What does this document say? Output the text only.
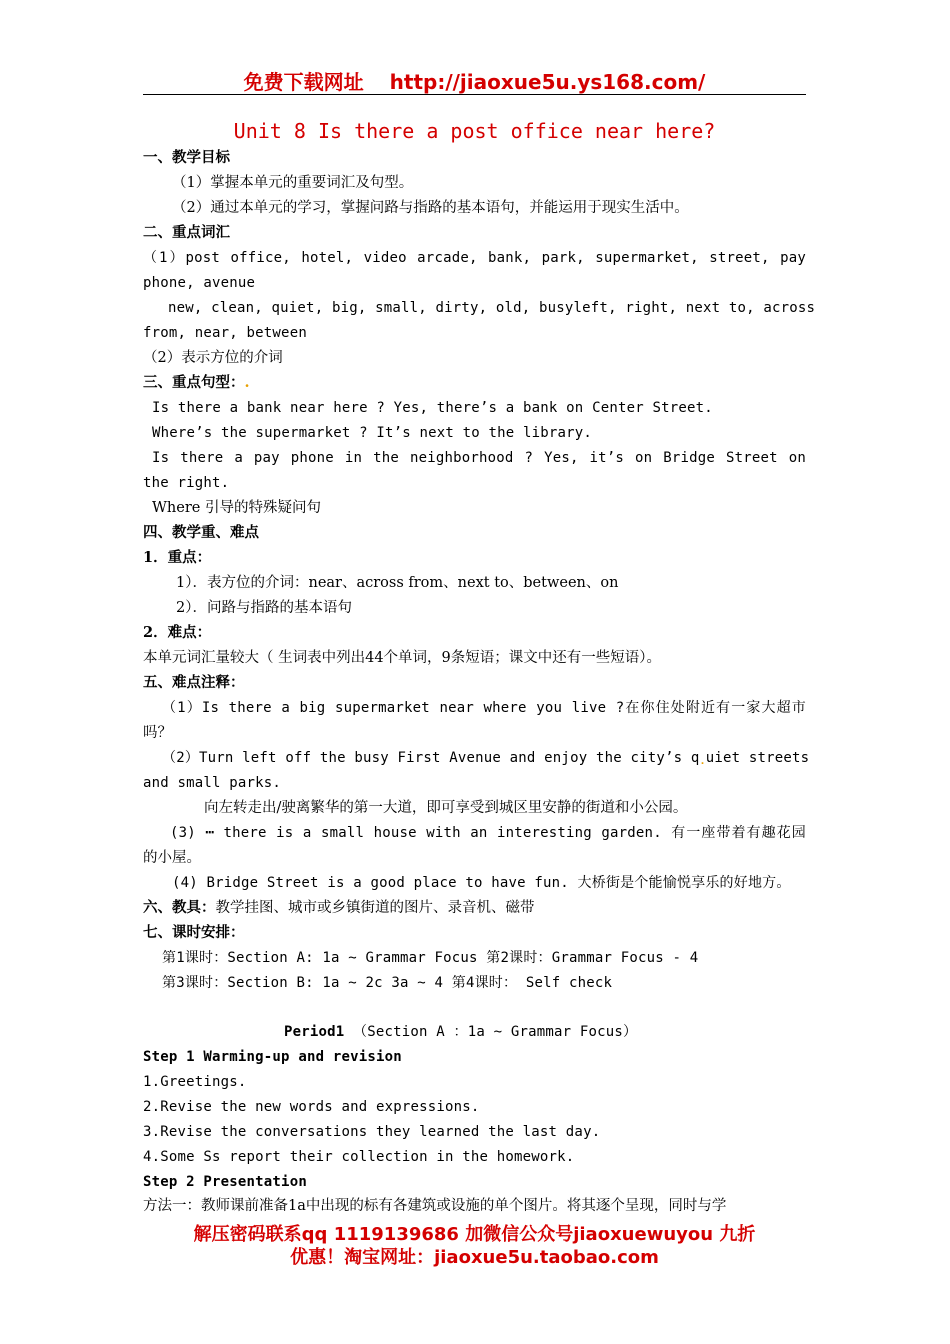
免费下载网址 http://jiaoxue5u.ys168.com/
Unit 8 Is there a post office near here?
一、教学目标
（1）掌握本单元的重要词汇及句型。
（2）通过本单元的学习，掌握问路与指路的基本语句，并能运用于现实生活中。
二、重点词汇
（1）post office, hotel, video arcade, bank, park, supermarket, street, pay
phone, avenue
new, clean, quiet, big, small, dirty, old, busyleft, right, next to, across
from, near, between
（2）表示方位的介词
三、重点句型：.
Is there a bank near here ? Yes, there’s a bank on Center Street.
Where’s the supermarket ? It’s next to the library.
Is there a pay phone in the neighborhood ? Yes, it’s on Bridge Street on
the right.
Where 引导的特殊疑问句
四、教学重、难点
1．重点：
1）．表方位的介词：near、across from、next to、between、on
2）．问路与指路的基本语句
2．难点：
本单元词汇量较大（ 生词表中列出44个单词，9条短语；课文中还有一些短语）。
五、难点注释：
（1）Is there a big supermarket near where you live ?在你住处附近有一家大超市
吗？
（2）Turn left off the busy First Avenue and enjoy the city’s q.uiet streets
and small parks.
向左转走出/驶离繁华的第一大道，即可享受到城区里安静的街道和小公园。
(3) ┅ there is a small house with an interesting garden. 有一座带着有趣花园
的小屋。
(4) Bridge Street is a good place to have fun. 大桥街是个能愉悦享乐的好地方。
六、教具：教学挂图、城市或乡镇街道的图片、录音机、磁带
七、课时安排：
第1课时：Section A: 1a ~ Grammar Focus 第2课时：Grammar Focus - 4
第3课时：Section B: 1a ~ 2c 3a ~ 4 第4课时： Self check
Period1 （Section A ：1a ~ Grammar Focus）
Step 1 Warming-up and revision
1.Greetings.
2.Revise the new words and expressions.
3.Revise the conversations they learned the last day.
4.Some Ss report their collection in the homework.
Step 2 Presentation
方法一：教师课前准备1a中出现的标有各建筑或设施的单个图片。将其逐个呈现，同时与学
解压密码联系qq 1119139686 加微信公众号jiaoxuewuyou 九折
优惠！淘宝网址：jiaoxue5u.taobao.com
